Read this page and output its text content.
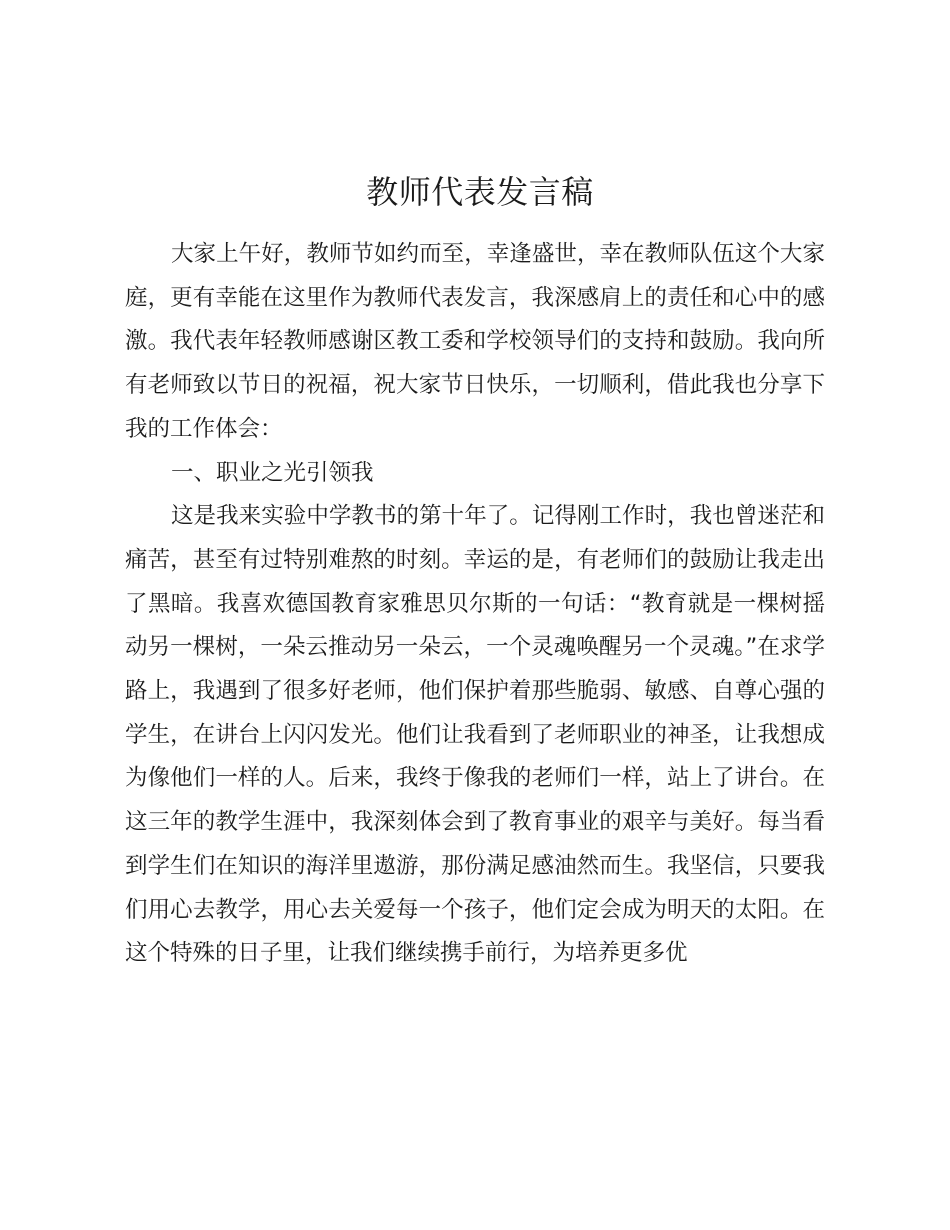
教师代表发言稿

大家上午好，教师节如约而至，幸逢盛世，幸在教师队伍这个大家庭，更有幸能在这里作为教师代表发言，我深感肩上的责任和心中的感激。我代表年轻教师感谢区教工委和学校领导们的支持和鼓励。我向所有老师致以节日的祝福，祝大家节日快乐，一切顺利，借此我也分享下我的工作体会：

一、职业之光引领我

这是我来实验中学教书的第十年了。记得刚工作时，我也曾迷茫和痛苦，甚至有过特别难熬的时刻。幸运的是，有老师们的鼓励让我走出了黑暗。我喜欢德国教育家雅思贝尔斯的一句话：“教育就是一棵树摇动另一棵树，一朵云推动另一朵云，一个灵魂唤醒另一个灵魂。”在求学路上，我遇到了很多好老师，他们保护着那些脆弱、敏感、自尊心强的学生，在讲台上闪闪发光。他们让我看到了老师职业的神圣，让我想成为像他们一样的人。后来，我终于像我的老师们一样，站上了讲台。在这三年的教学生涯中，我深刻体会到了教育事业的艰辛与美好。每当看到学生们在知识的海洋里遨游，那份满足感油然而生。我坚信，只要我们用心去教学，用心去关爱每一个孩子，他们定会成为明天的太阳。在这个特殊的日子里，让我们继续携手前行，为培养更多优
